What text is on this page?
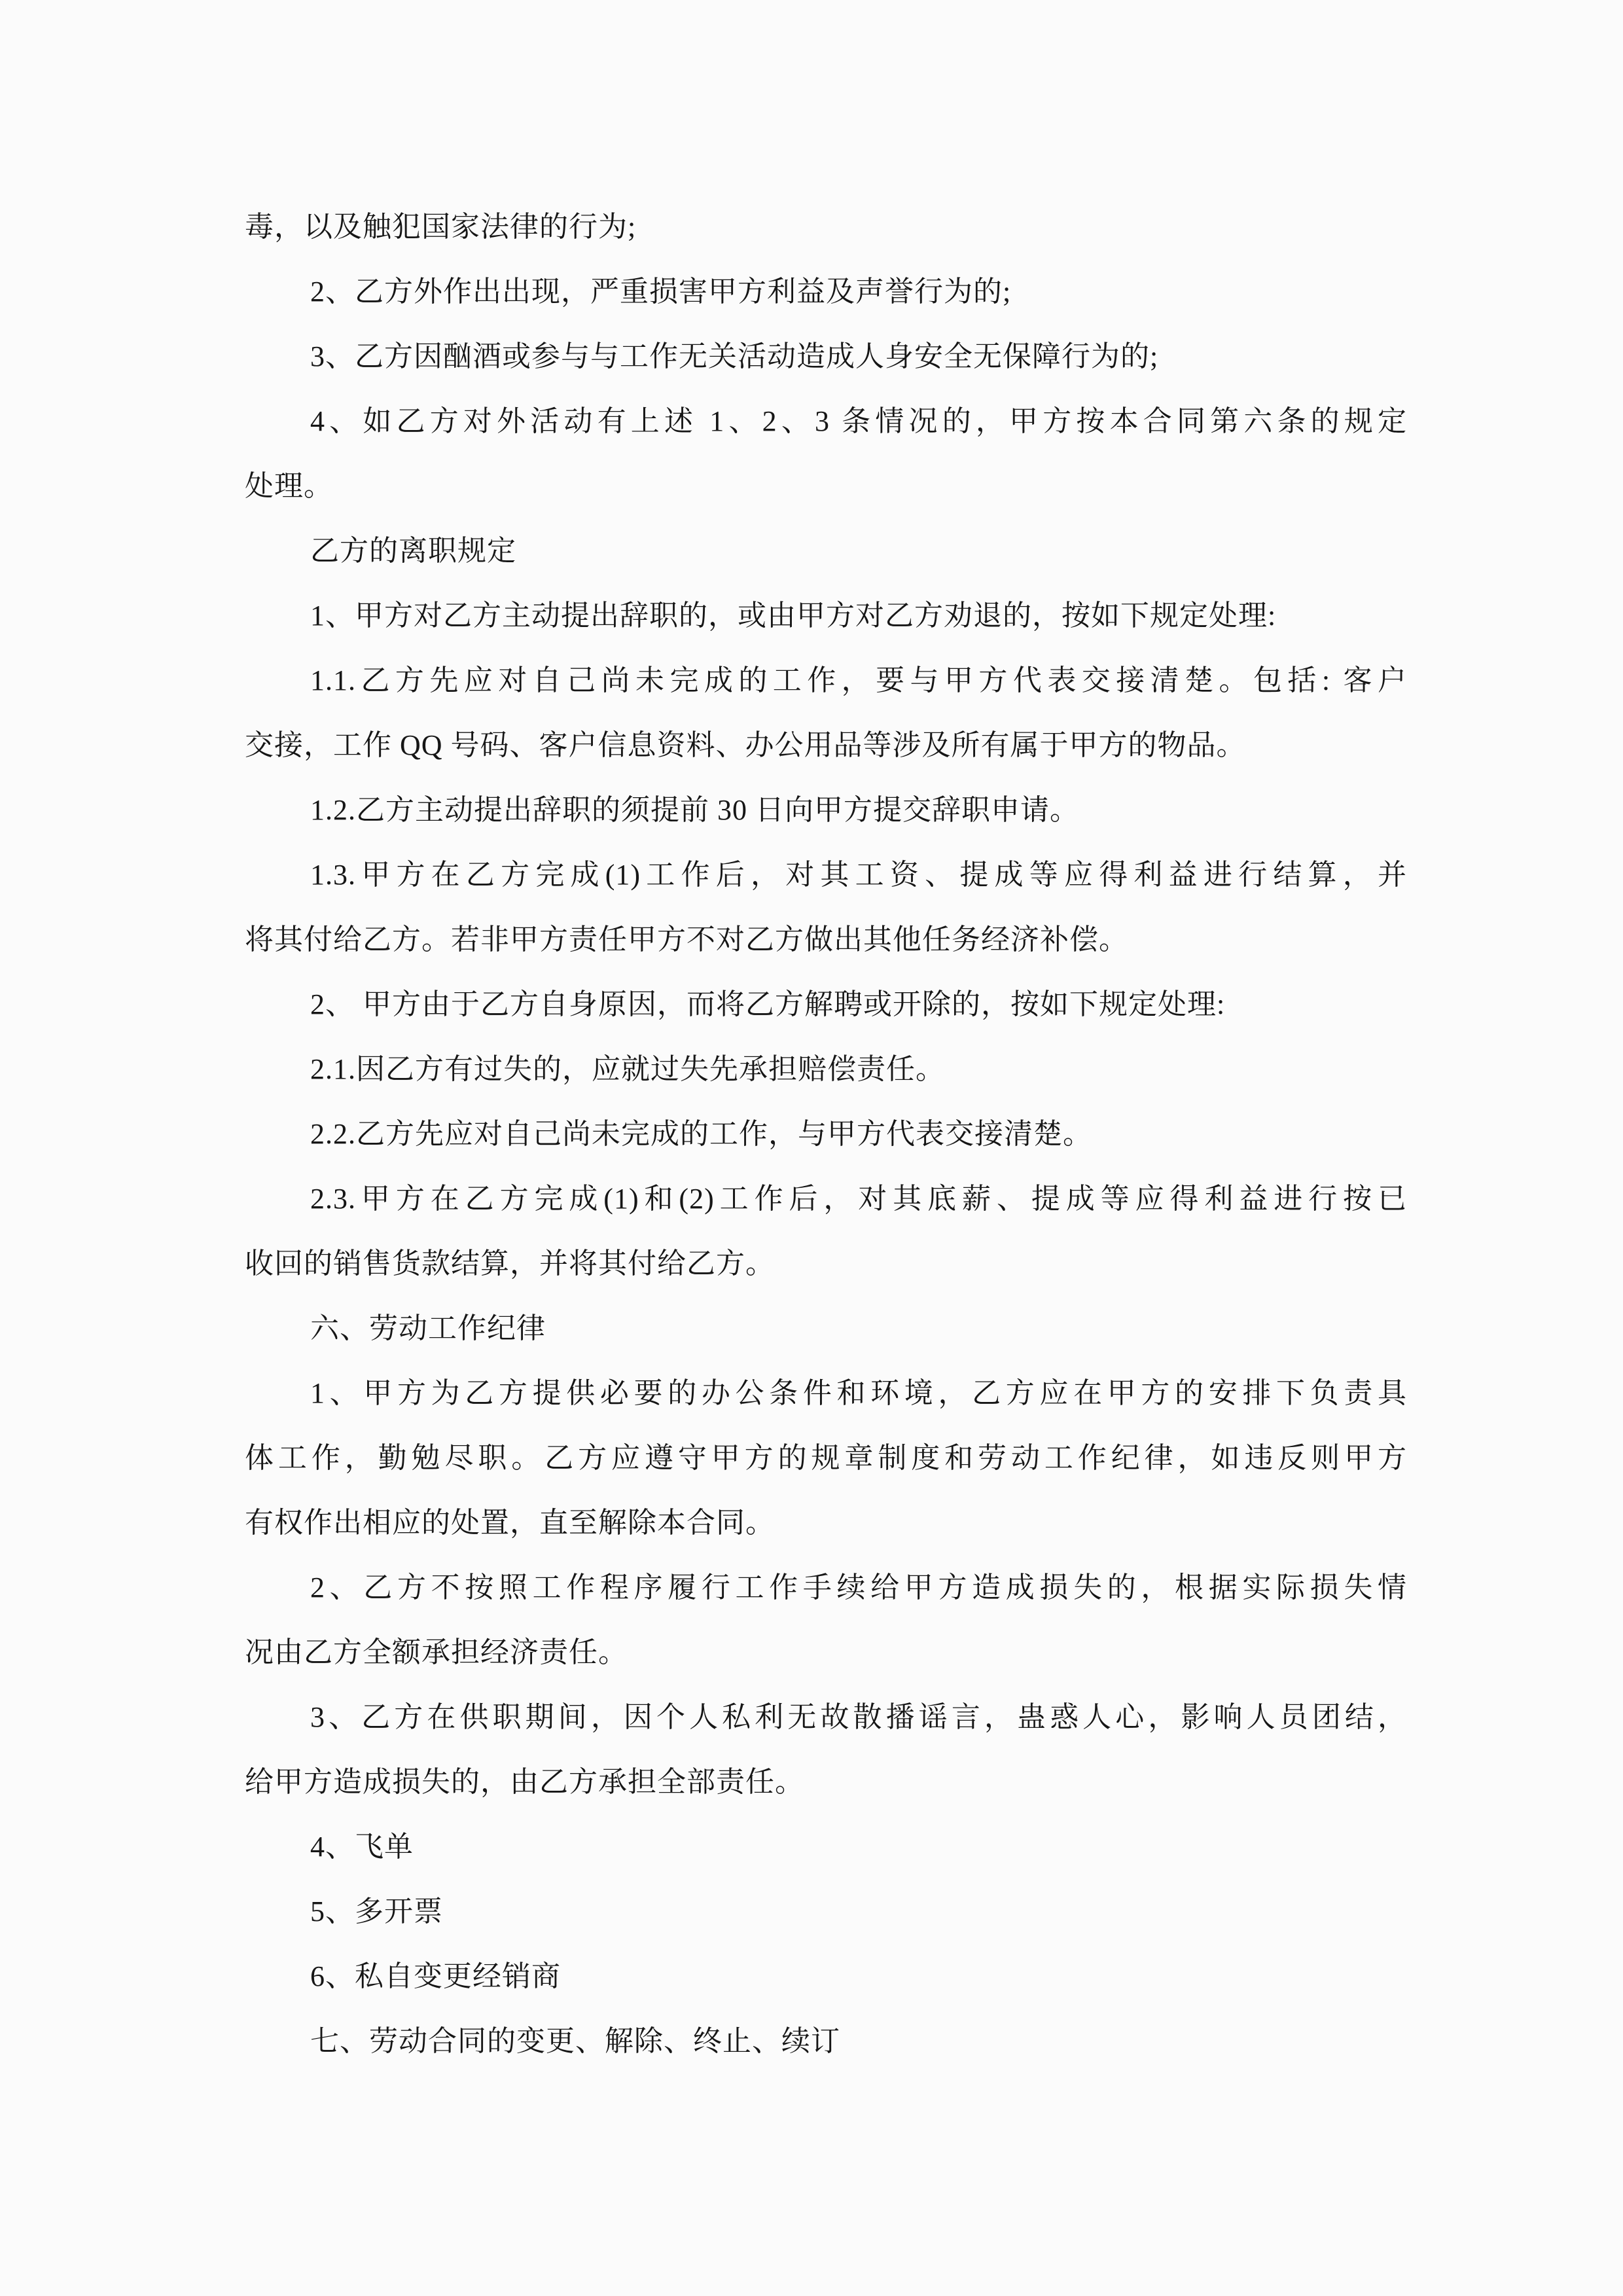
毒，以及触犯国家法律的行为;
2、乙方外作出出现，严重损害甲方利益及声誉行为的;
3、乙方因酗酒或参与与工作无关活动造成人身安全无保障行为的;
4、如乙方对外活动有上述 1、2、3 条情况的，甲方按本合同第六条的规定
处理。
乙方的离职规定
1、甲方对乙方主动提出辞职的，或由甲方对乙方劝退的，按如下规定处理:
1.1.乙方先应对自己尚未完成的工作，要与甲方代表交接清楚。包括: 客户
交接，工作 QQ 号码、客户信息资料、办公用品等涉及所有属于甲方的物品。
1.2.乙方主动提出辞职的须提前 30 日向甲方提交辞职申请。
1.3.甲方在乙方完成(1)工作后，对其工资、提成等应得利益进行结算，并
将其付给乙方。若非甲方责任甲方不对乙方做出其他任务经济补偿。
2、 甲方由于乙方自身原因，而将乙方解聘或开除的，按如下规定处理:
2.1.因乙方有过失的，应就过失先承担赔偿责任。
2.2.乙方先应对自己尚未完成的工作，与甲方代表交接清楚。
2.3.甲方在乙方完成(1)和(2)工作后，对其底薪、提成等应得利益进行按已
收回的销售货款结算，并将其付给乙方。
六、劳动工作纪律
1、甲方为乙方提供必要的办公条件和环境，乙方应在甲方的安排下负责具
体工作，勤勉尽职。乙方应遵守甲方的规章制度和劳动工作纪律，如违反则甲方
有权作出相应的处置，直至解除本合同。
2、乙方不按照工作程序履行工作手续给甲方造成损失的，根据实际损失情
况由乙方全额承担经济责任。
3、乙方在供职期间，因个人私利无故散播谣言，蛊惑人心，影响人员团结，
给甲方造成损失的，由乙方承担全部责任。
4、飞单
5、多开票
6、私自变更经销商
七、劳动合同的变更、解除、终止、续订
